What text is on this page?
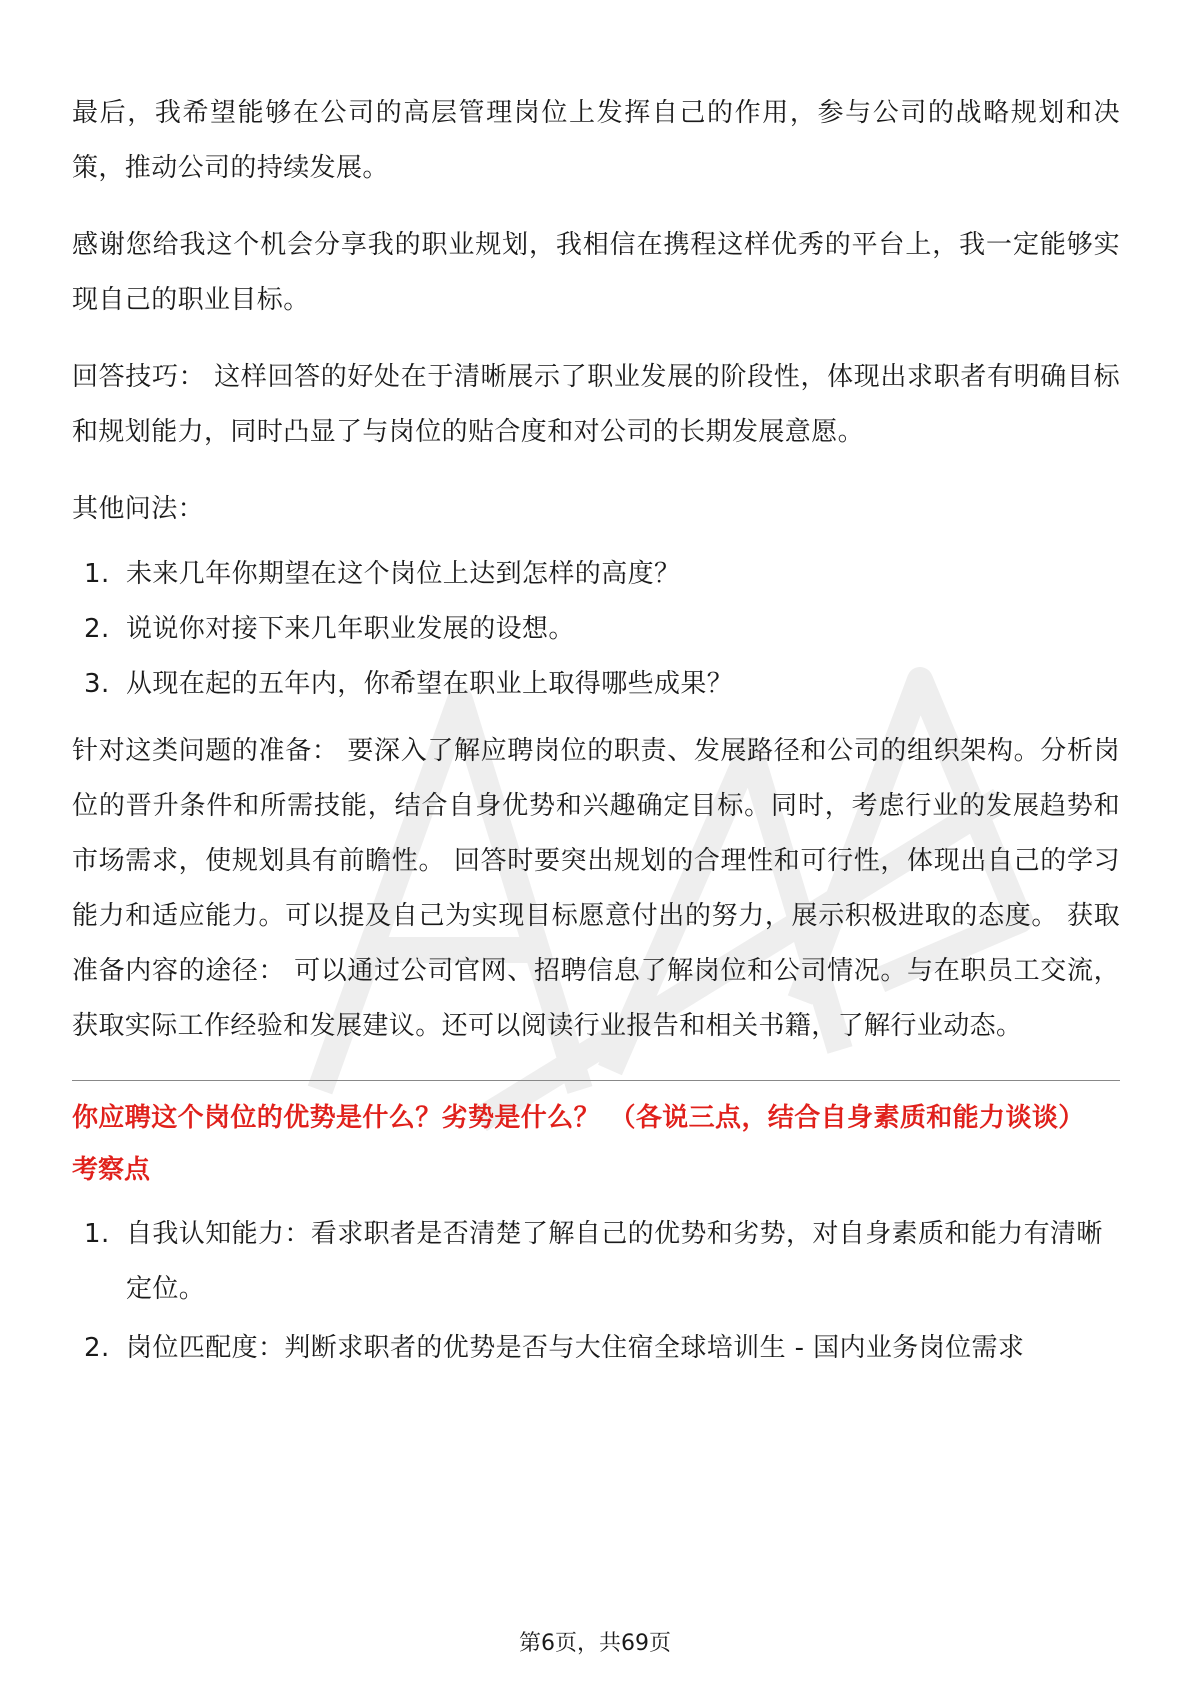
最后，我希望能够在公司的高层管理岗位上发挥自己的作用，参与公司的战略规划和决策，推动公司的持续发展。

感谢您给我这个机会分享我的职业规划，我相信在携程这样优秀的平台上，我一定能够实现自己的职业目标。

回答技巧： 这样回答的好处在于清晰展示了职业发展的阶段性，体现出求职者有明确目标和规划能力，同时凸显了与岗位的贴合度和对公司的长期发展意愿。

其他问法：

1. 未来几年你期望在这个岗位上达到怎样的高度？
2. 说说你对接下来几年职业发展的设想。
3. 从现在起的五年内，你希望在职业上取得哪些成果？

针对这类问题的准备： 要深入了解应聘岗位的职责、发展路径和公司的组织架构。分析岗位的晋升条件和所需技能，结合自身优势和兴趣确定目标。同时，考虑行业的发展趋势和市场需求，使规划具有前瞻性。 回答时要突出规划的合理性和可行性，体现出自己的学习能力和适应能力。可以提及自己为实现目标愿意付出的努力，展示积极进取的态度。 获取准备内容的途径： 可以通过公司官网、招聘信息了解岗位和公司情况。与在职员工交流，获取实际工作经验和发展建议。还可以阅读行业报告和相关书籍，了解行业动态。

你应聘这个岗位的优势是什么？劣势是什么？ （各说三点，结合自身素质和能力谈谈）
考察点
1. 自我认知能力：看求职者是否清楚了解自己的优势和劣势，对自身素质和能力有清晰定位。
2. 岗位匹配度：判断求职者的优势是否与大住宿全球培训生 - 国内业务岗位需求
第6页，共69页
